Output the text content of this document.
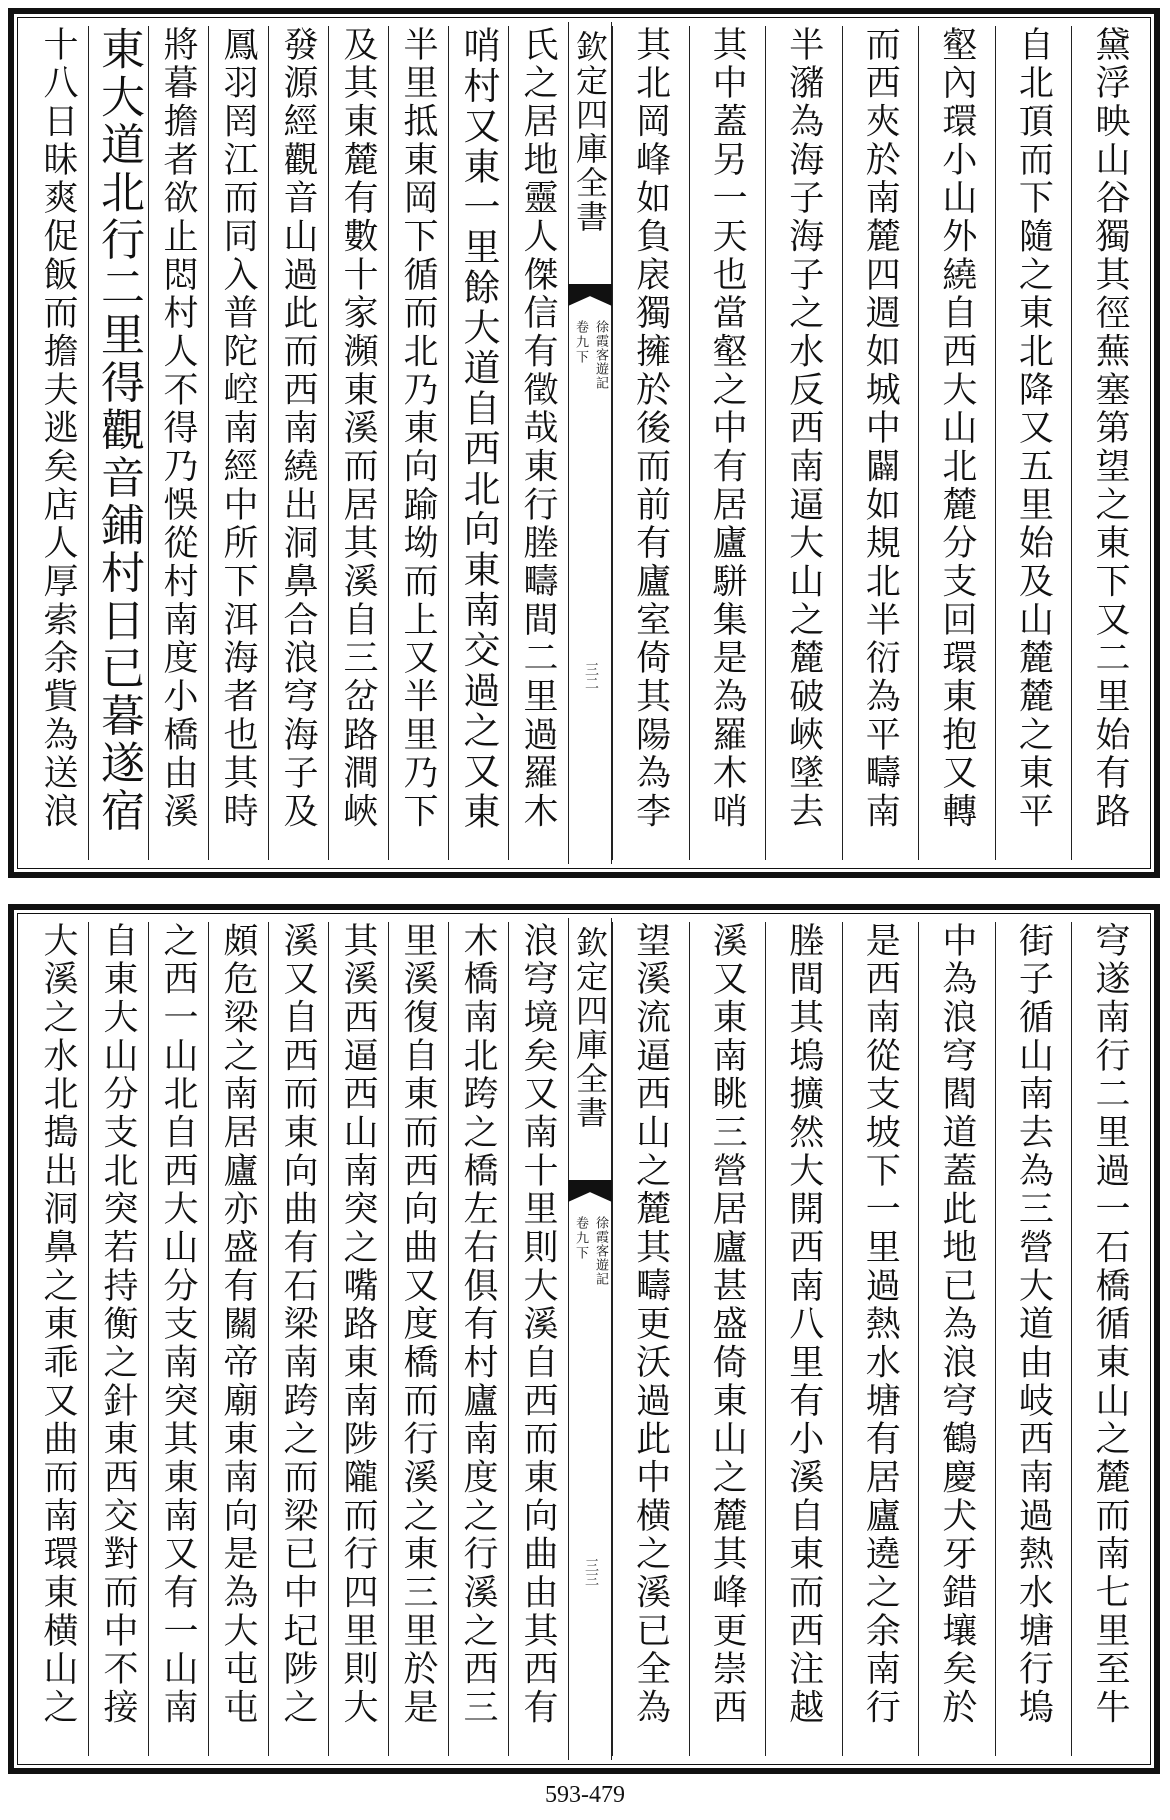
黛浮映山谷獨其徑蕪塞第望之東下又二里始有路
自北頂而下隨之東北降又五里始及山麓麓之東平
壑內環小山外繞自西大山北麓分支回環東抱又轉
而西夾於南麓四週如城中闢如規北半衍為平疇南
半瀦為海子海子之水反西南逼大山之麓破峽墜去
其中蓋另一天也當壑之中有居廬駢集是為羅木哨
其北岡峰如負扆獨擁於後而前有廬室倚其陽為李
欽定四庫全書
徐霞客遊記
卷九下
三二
氏之居地靈人傑信有徵哉東行塍疇間二里過羅木
哨村又東一里餘大道自西北向東南交過之又東
半里抵東岡下循而北乃東向踰坳而上又半里乃下
及其東麓有數十家瀕東溪而居其溪自三岔路澗峽
發源經觀音山過此而西南繞出洞鼻合浪穹海子及
鳳羽罔江而同入普陀崆南經中所下洱海者也其時
將暮擔者欲止悶村人不得乃悞從村南度小橋由溪
東大道北行二里得觀音鋪村日已暮遂宿
十八日昧爽促飯而擔夫逃矣店人厚索余貲為送浪
穹遂南行二里過一石橋循東山之麓而南七里至牛
街子循山南去為三營大道由岐西南過熱水塘行塢
中為浪穹閻道蓋此地已為浪穹鶴慶犬牙錯壤矣於
是西南從支坡下一里過熱水塘有居廬遶之余南行
塍間其塢擴然大開西南八里有小溪自東而西注越
溪又東南眺三營居廬甚盛倚東山之麓其峰更崇西
望溪流逼西山之麓其疇更沃過此中横之溪已全為
欽定四庫全書
徐霞客遊記
卷九下
三三
浪穹境矣又南十里則大溪自西而東向曲由其西有
木橋南北跨之橋左右俱有村廬南度之行溪之西三
里溪復自東而西向曲又度橋而行溪之東三里於是
其溪西逼西山南突之嘴路東南陟隴而行四里則大
溪又自西而東向曲有石梁南跨之而梁已中圮陟之
頗危梁之南居廬亦盛有關帝廟東南向是為大屯屯
之西一山北自西大山分支南突其東南又有一山南
自東大山分支北突若持衡之針東西交對而中不接
大溪之水北搗出洞鼻之東乖又曲而南環東横山之
593-479
